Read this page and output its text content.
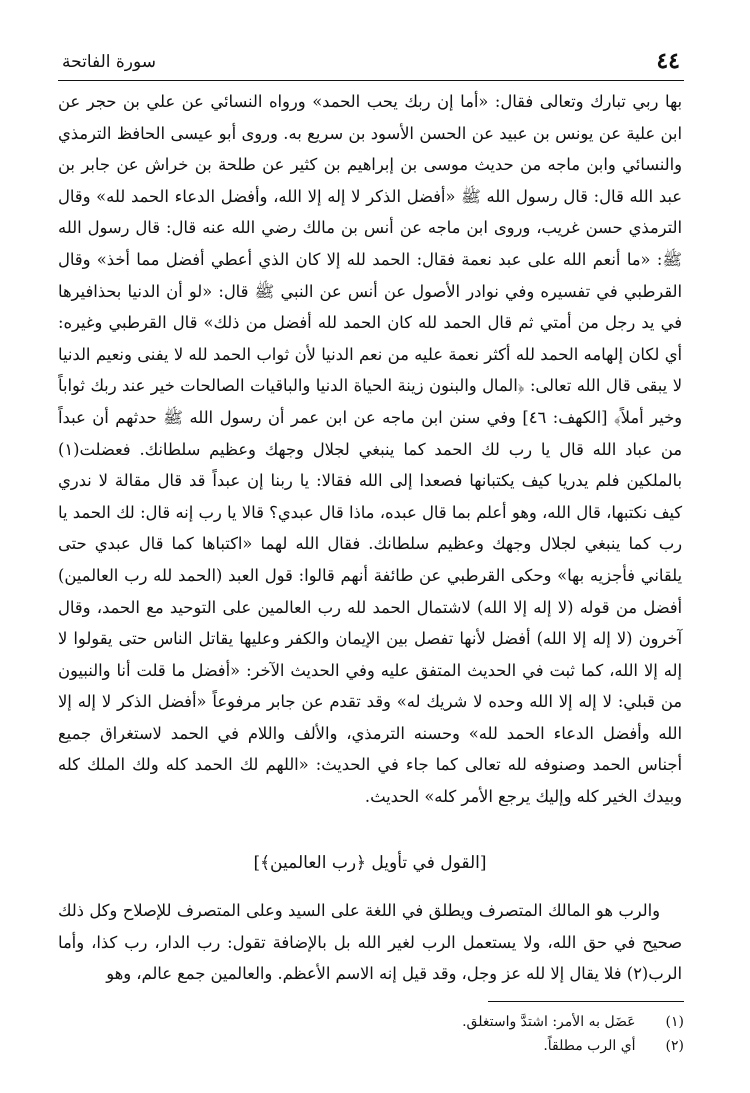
٤٤
سورة الفاتحة

بها ربي تبارك وتعالى فقال: «أما إن ربك يحب الحمد» ورواه النسائي عن علي بن حجر عن ابن علية عن يونس بن عبيد عن الحسن الأسود بن سريع به. وروى أبو عيسى الحافظ الترمذي والنسائي وابن ماجه من حديث موسى بن إبراهيم بن كثير عن طلحة بن خراش عن جابر بن عبد الله قال: قال رسول الله ﷺ «أفضل الذكر لا إله إلا الله، وأفضل الدعاء الحمد لله» وقال الترمذي حسن غريب، وروى ابن ماجه عن أنس بن مالك رضي الله عنه قال: قال رسول الله ﷺ: «ما أنعم الله على عبد نعمة فقال: الحمد لله إلا كان الذي أعطي أفضل مما أخذ» وقال القرطبي في تفسيره وفي نوادر الأصول عن أنس عن النبي ﷺ قال: «لو أن الدنيا بحذافيرها في يد رجل من أمتي ثم قال الحمد لله كان الحمد لله أفضل من ذلك» قال القرطبي وغيره: أي لكان إلهامه الحمد لله أكثر نعمة عليه من نعم الدنيا لأن ثواب الحمد لله لا يفنى ونعيم الدنيا لا يبقى قال الله تعالى: ﴿المال والبنون زينة الحياة الدنيا والباقيات الصالحات خير عند ربك ثواباً وخير أملاً﴾ [الكهف: ٤٦] وفي سنن ابن ماجه عن ابن عمر أن رسول الله ﷺ حدثهم أن عبداً من عباد الله قال يا رب لك الحمد كما ينبغي لجلال وجهك وعظيم سلطانك. فعضلت(١) بالملكين فلم يدريا كيف يكتبانها فصعدا إلى الله فقالا: يا ربنا إن عبداً قد قال مقالة لا ندري كيف نكتبها، قال الله، وهو أعلم بما قال عبده، ماذا قال عبدي؟ قالا يا رب إنه قال: لك الحمد يا رب كما ينبغي لجلال وجهك وعظيم سلطانك. فقال الله لهما «اكتباها كما قال عبدي حتى يلقاني فأجزيه بها» وحكى القرطبي عن طائفة أنهم قالوا: قول العبد (الحمد لله رب العالمين) أفضل من قوله (لا إله إلا الله) لاشتمال الحمد لله رب العالمين على التوحيد مع الحمد، وقال آخرون (لا إله إلا الله) أفضل لأنها تفصل بين الإيمان والكفر وعليها يقاتل الناس حتى يقولوا لا إله إلا الله، كما ثبت في الحديث المتفق عليه وفي الحديث الآخر: «أفضل ما قلت أنا والنبيون من قبلي: لا إله إلا الله وحده لا شريك له» وقد تقدم عن جابر مرفوعاً «أفضل الذكر لا إله إلا الله وأفضل الدعاء الحمد لله» وحسنه الترمذي، والألف واللام في الحمد لاستغراق جميع أجناس الحمد وصنوفه لله تعالى كما جاء في الحديث: «اللهم لك الحمد كله ولك الملك كله وبيدك الخير كله وإليك يرجع الأمر كله» الحديث.

[القول في تأويل ﴿رب العالمين﴾]

والرب هو المالك المتصرف ويطلق في اللغة على السيد وعلى المتصرف للإصلاح وكل ذلك صحيح في حق الله، ولا يستعمل الرب لغير الله بل بالإضافة تقول: رب الدار، رب كذا، وأما الرب(٢) فلا يقال إلا لله عز وجل، وقد قيل إنه الاسم الأعظم. والعالمين جمع عالم، وهو

(١) عَضَل به الأمر: اشتدَّ واستغلق.

(٢) أي الرب مطلقاً.
